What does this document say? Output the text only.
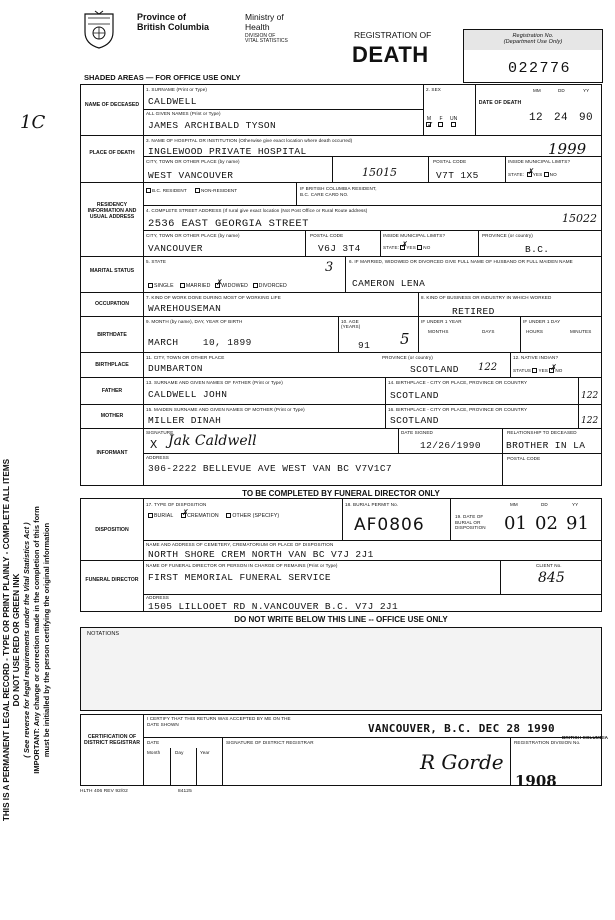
Province of
British Columbia
Ministry of
Health
DIVISION OF
VITAL STATISTICS
REGISTRATION OF
DEATH
Registration No.
(Department Use Only)
022776
SHADED AREAS — FOR OFFICE USE ONLY
THIS IS A PERMANENT LEGAL RECORD - TYPE OR PRINT PLAINLY - COMPLETE ALL ITEMS DO NOT USE RED OR GREEN INK ( See reverse for legal requirements under the Vital Statistics Act ) IMPORTANT: Any change or correction made in the completion of this form must be initialled by the person certifying the original information
1C
NAME OF DECEASED
PLACE OF DEATH
RESIDENCY INFORMATION AND USUAL ADDRESS
MARITAL STATUS
OCCUPATION
BIRTHDATE
BIRTHPLACE
FATHER
MOTHER
INFORMANT
1. SURNAME (Print or Type)
CALDWELL
ALL GIVEN NAMES (Print or Type)
JAMES ARCHIBALD TYSON
2. SEX
M
✓
F UN
DATE OF DEATH
MM	DD	YY
12 24 90
3. NAME OF HOSPITAL OR INSTITUTION (Otherwise give exact location where death occurred)
INGLEWOOD PRIVATE HOSPITAL	1999
CITY, TOWN OR OTHER PLACE (by name)
WEST VANCOUVER	15015
POSTAL CODE
V7T 1X5
INSIDE MUNICIPAL LIMITS?
STATE: ✗
YES NO
B.C. RESIDENT	NON-RESIDENT	IF BRITISH COLUMBIA RESIDENT,
B.C. CARE CARD NO.
4. COMPLETE STREET ADDRESS (If rural give exact location (Not Post Office or Rural Route address)
2536 EAST GEORGIA STREET	15022
CITY, TOWN OR OTHER PLACE (by name)
VANCOUVER
POSTAL CODE
V6J 3T4
INSIDE MUNICIPAL LIMITS?
STATE: ✗
YES NO
PROVINCE (or country)
B.C.
5. STATE	3
SINGLE MARRIED ✗
WIDOWED DIVORCED
6. IF MARRIED, WIDOWED OR DIVORCED GIVE FULL NAME OF HUSBAND OR FULL MAIDEN NAME
CAMERON LENA
7. KIND OF WORK DONE DURING MOST OF WORKING LIFE
WAREHOUSEMAN
8. KIND OF BUSINESS OR INDUSTRY IN WHICH WORKED
RETIRED
9. MONTH (by name), DAY, YEAR OF BIRTH
MARCH    10, 1899
10. AGE (YEARS)
91 5
IF UNDER 1 YEAR
MONTHS	DAYS
IF UNDER 1 DAY
HOURS	MINUTES
11. CITY, TOWN OR OTHER PLACE
DUMBARTON
PROVINCE (or country)
SCOTLAND 122
12. NATIVE INDIAN?
STATUS YES ✗
NO
13. SURNAME AND GIVEN NAMES OF FATHER (Print or Type)
CALDWELL JOHN
14. BIRTHPLACE - CITY OR PLACE, PROVINCE OR COUNTRY
SCOTLAND	122
15. MAIDEN SURNAME AND GIVEN NAMES OF MOTHER (Print or Type)
MILLER DINAH
16. BIRTHPLACE - CITY OR PLACE, PROVINCE OR COUNTRY
SCOTLAND	122
SIGNATURE
X Jak Caldwell
DATE SIGNED
12/26/1990
RELATIONSHIP TO DECEASED
BROTHER IN LA
ADDRESS
306-2222 BELLEVUE AVE WEST VAN BC V7V1C7
POSTAL CODE
TO BE COMPLETED BY FUNERAL DIRECTOR ONLY
DISPOSITION
FUNERAL DIRECTOR
17. TYPE OF DISPOSITION
BURIAL ✗
CREMATION	OTHER (SPECIFY)
18. BURIAL PERMIT No.
AF0806	19. DATE OF BURIAL OR DISPOSITION
MM	DD	YY
01 02 91
NAME AND ADDRESS OF CEMETERY, CREMATORIUM OR PLACE OF DISPOSITION
NORTH SHORE CREM NORTH VAN BC V7J 2J1
NAME OF FUNERAL DIRECTOR OR PERSON IN CHARGE OF REMAINS (Print or Type)
FIRST MEMORIAL FUNERAL SERVICE
CLIENT No.
845
ADDRESS
1505 LILLOOET RD N.VANCOUVER B.C. V7J 2J1
DO NOT WRITE BELOW THIS LINE -- OFFICE USE ONLY
NOTATIONS
CERTIFICATION OF DISTRICT REGISTRAR
I CERTIFY THAT THIS RETURN WAS ACCEPTED BY ME ON THE DATE SHOWN	VANCOUVER, B.C. DEC 28 1990
BRITISH COLUMBIA
DATE
Month	Day	Year
SIGNATURE OF DISTRICT REGISTRAR
R Gorde
REGISTRATION DIVISION No.
1908
HLTH 406 REV 92/02	84125
